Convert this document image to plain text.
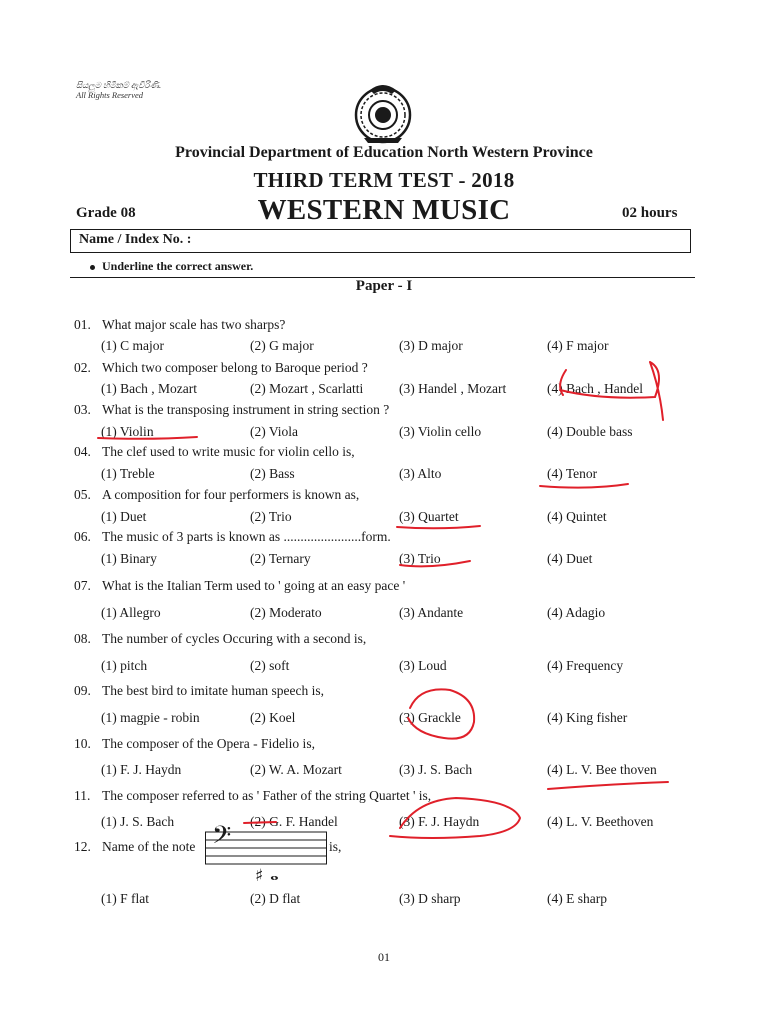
සියලුම හිමිකම් ඇවිරිණි.
All Rights Reserved
Provincial Department of Education North Western Province
THIRD TERM TEST - 2018
Grade 08	WESTERN MUSIC	02 hours
Name / Index No. :
Underline the correct answer.
Paper - I
01. What major scale has two sharps?
02. Which two composer belong to Baroque period ?
03. What is the transposing instrument in string section ?
04. The clef used to write music for violin cello is,
05. A composition for four performers is known as,
06. The music of 3 parts is known as .......................form.
07. What is the Italian Term used to ' going at an easy pace '
08. The number of cycles Occuring with a second is,
09. The best bird to imitate human speech is,
10. The composer of the Opera - Fidelio is,
11. The composer referred to as ' Father of the string Quartet ' is,
12. Name of the note	is,
𝄢
♯ 𝅝
(1) C major	(2) G major	(3) D major	(4) F major
(1) Bach , Mozart	(2) Mozart , Scarlatti	(3) Handel , Mozart	(4) Bach , Handel
(1) Violin	(2) Viola	(3) Violin cello	(4) Double bass
(1) Treble	(2) Bass	(3) Alto	(4) Tenor
(1) Duet	(2) Trio	(3) Quartet	(4) Quintet
(1) Binary	(2) Ternary	(3) Trio	(4) Duet
(1) Allegro	(2) Moderato	(3) Andante	(4) Adagio
(1) pitch	(2) soft	(3) Loud	(4) Frequency
(1) magpie - robin	(2) Koel	(3) Grackle	(4) King fisher
(1) F. J. Haydn	(2) W. A. Mozart	(3) J. S. Bach	(4) L. V. Bee thoven
(1) J. S. Bach	(2) G. F. Handel	(3) F. J. Haydn	(4) L. V. Beethoven
(1) F flat	(2) D flat	(3) D sharp	(4) E sharp
01
